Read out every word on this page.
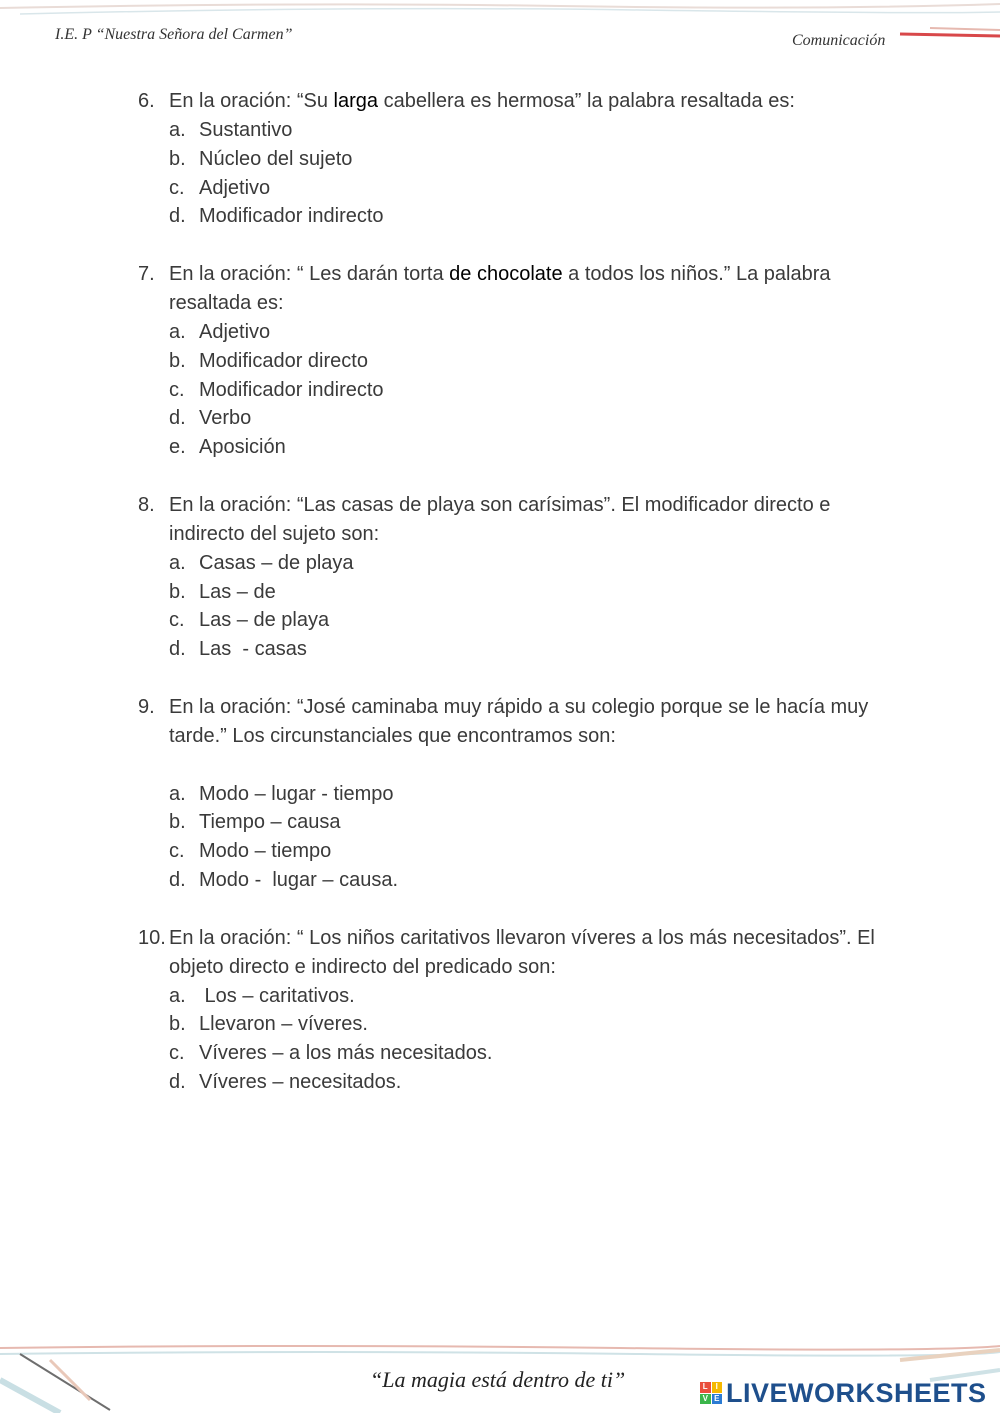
I.E. P “Nuestra Señora del Carmen”	Comunicación
6. En la oración: “Su larga cabellera es hermosa” la palabra resaltada es:
a. Sustantivo
b. Núcleo del sujeto
c. Adjetivo
d. Modificador indirecto
7. En la oración: “ Les darán torta de chocolate a todos los niños.” La palabra
resaltada es:
a. Adjetivo
b. Modificador directo
c. Modificador indirecto
d. Verbo
e. Aposición
8. En la oración: “Las casas de playa son carísimas”. El modificador directo e
indirecto del sujeto son:
a. Casas – de playa
b. Las – de
c. Las – de playa
d. Las  - casas
9. En la oración: “José caminaba muy rápido a su colegio porque se le hacía muy
tarde.” Los circunstanciales que encontramos son:
a. Modo – lugar - tiempo
b. Tiempo – causa
c. Modo – tiempo
d. Modo -  lugar – causa.
10. En la oración: “ Los niños caritativos llevaron víveres a los más necesitados”. El
objeto directo e indirecto del predicado son:
a. Los – caritativos.
b. Llevaron – víveres.
c. Víveres – a los más necesitados.
d. Víveres – necesitados.
“La magia está dentro de ti”	L I
V E LIVEWORKSHEETS
